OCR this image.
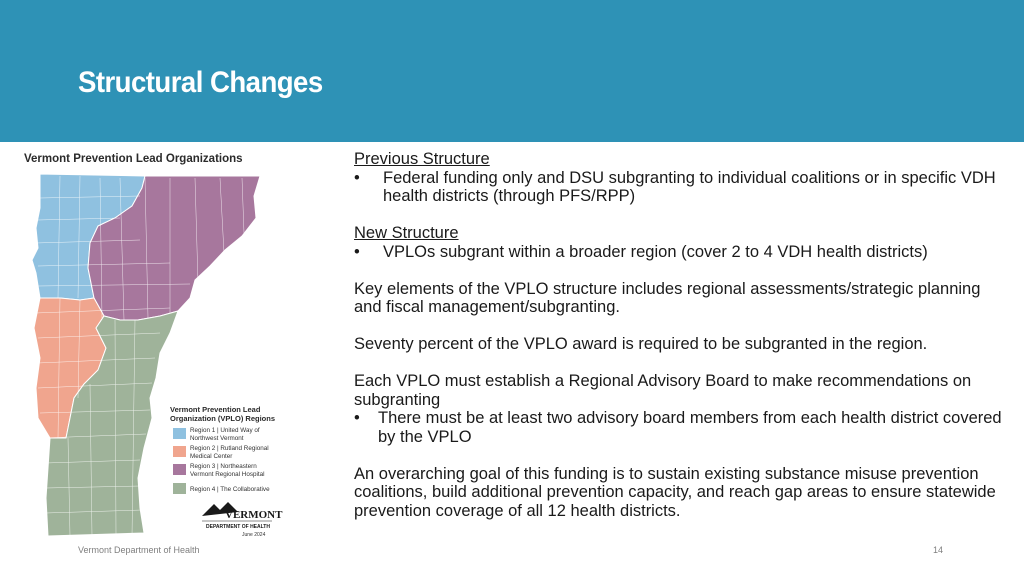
Structural Changes
Vermont Prevention Lead Organizations
Vermont Prevention Lead
Organization (VPLO) Regions
Region 1 | United Way of
Northwest Vermont
Region 2 | Rutland Regional
Medical Center
Region 3 | Northeastern
Vermont Regional Hospital
Region 4 | The Collaborative
VERMONT
DEPARTMENT OF HEALTH
June 2024

Previous Structure

•	Federal funding only and DSU subgranting to individual coalitions or in specific VDH health districts (through PFS/RPP)

New Structure

•	VPLOs subgrant within a broader region (cover 2 to 4 VDH health districts)

Key elements of the VPLO structure includes regional assessments/strategic planning and fiscal management/subgranting.

Seventy percent of the VPLO award is required to be subgranted in the region.

Each VPLO must establish a Regional Advisory Board to make recommendations on subgranting

•	There must be at least two advisory board members from each health district covered by the VPLO

An overarching goal of this funding is to sustain existing substance misuse prevention coalitions, build additional prevention capacity, and reach gap areas to ensure statewide prevention coverage of all 12 health districts.

Vermont Department of Health	14
